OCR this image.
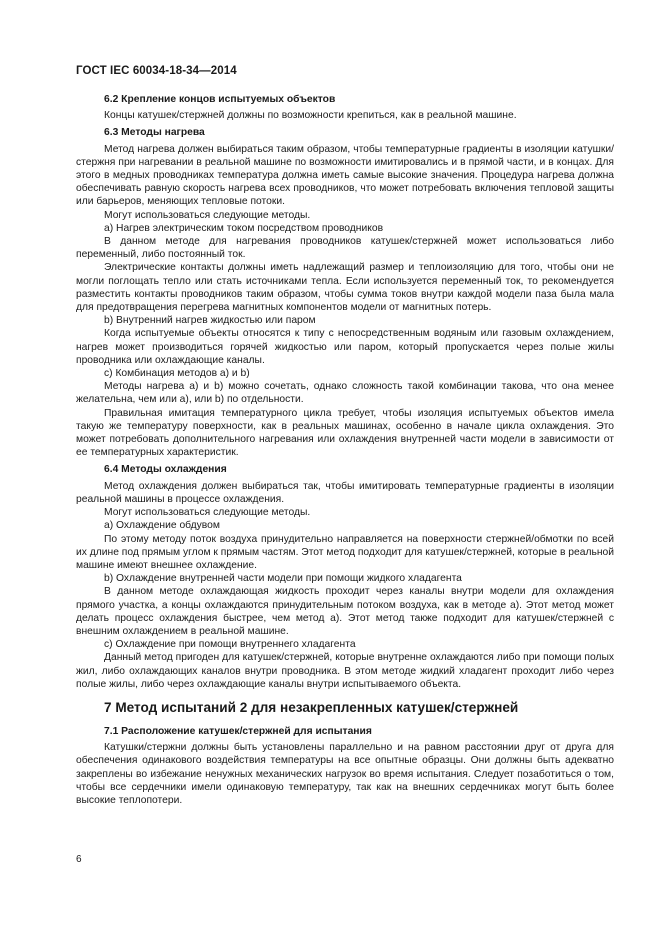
ГОСТ IEC 60034-18-34—2014

6.2 Крепление концов испытуемых объектов

Концы катушек/стержней должны по возможности крепиться, как в реальной машине.

6.3 Методы нагрева

Метод нагрева должен выбираться таким образом, чтобы температурные градиенты в изоляции катушки/стержня при нагревании в реальной машине по возможности имитировались и в прямой части, и в концах. Для этого в медных проводниках температура должна иметь самые высокие значения. Процедура нагрева должна обеспечивать равную скорость нагрева всех проводников, что может потребовать включения тепловой защиты или барьеров, меняющих тепловые потоки.

Могут использоваться следующие методы.

а) Нагрев электрическим током посредством проводников

В данном методе для нагревания проводников катушек/стержней может использоваться либо переменный, либо постоянный ток.

Электрические контакты должны иметь надлежащий размер и теплоизоляцию для того, чтобы они не могли поглощать тепло или стать источниками тепла. Если используется переменный ток, то рекомендуется разместить контакты проводников таким образом, чтобы сумма токов внутри каждой модели паза была мала для предотвращения перегрева магнитных компонентов модели от магнитных потерь.

b) Внутренний нагрев жидкостью или паром

Когда испытуемые объекты относятся к типу с непосредственным водяным или газовым охлаждением, нагрев может производиться горячей жидкостью или паром, который пропускается через полые жилы проводника или охлаждающие каналы.

с) Комбинация методов а) и b)

Методы нагрева а) и b) можно сочетать, однако сложность такой комбинации такова, что она менее желательна, чем или а), или b) по отдельности.

Правильная имитация температурного цикла требует, чтобы изоляция испытуемых объектов имела такую же температуру поверхности, как в реальных машинах, особенно в начале цикла охлаждения. Это может потребовать дополнительного нагревания или охлаждения внутренней части модели в зависимости от ее температурных характеристик.

6.4 Методы охлаждения

Метод охлаждения должен выбираться так, чтобы имитировать температурные градиенты в изоляции реальной машины в процессе охлаждения.

Могут использоваться следующие методы.

а) Охлаждение обдувом

По этому методу поток воздуха принудительно направляется на поверхности стержней/обмотки по всей их длине под прямым углом к прямым частям. Этот метод подходит для катушек/стержней, которые в реальной машине имеют внешнее охлаждение.

b) Охлаждение внутренней части модели при помощи жидкого хладагента

В данном методе охлаждающая жидкость проходит через каналы внутри модели для охлаждения прямого участка, а концы охлаждаются принудительным потоком воздуха, как в методе а). Этот метод может делать процесс охлаждения быстрее, чем метод а). Этот метод также подходит для катушек/стержней с внешним охлаждением в реальной машине.

с) Охлаждение при помощи внутреннего хладагента

Данный метод пригоден для катушек/стержней, которые внутренне охлаждаются либо при помощи полых жил, либо охлаждающих каналов внутри проводника. В этом методе жидкий хладагент проходит либо через полые жилы, либо через охлаждающие каналы внутри испытываемого объекта.

7 Метод испытаний 2 для незакрепленных катушек/стержней

7.1 Расположение катушек/стержней для испытания

Катушки/стержни должны быть установлены параллельно и на равном расстоянии друг от друга для обеспечения одинакового воздействия температуры на все опытные образцы. Они должны быть адекватно закреплены во избежание ненужных механических нагрузок во время испытания. Следует позаботиться о том, чтобы все сердечники имели одинаковую температуру, так как на внешних сердечниках могут быть более высокие теплопотери.

6
